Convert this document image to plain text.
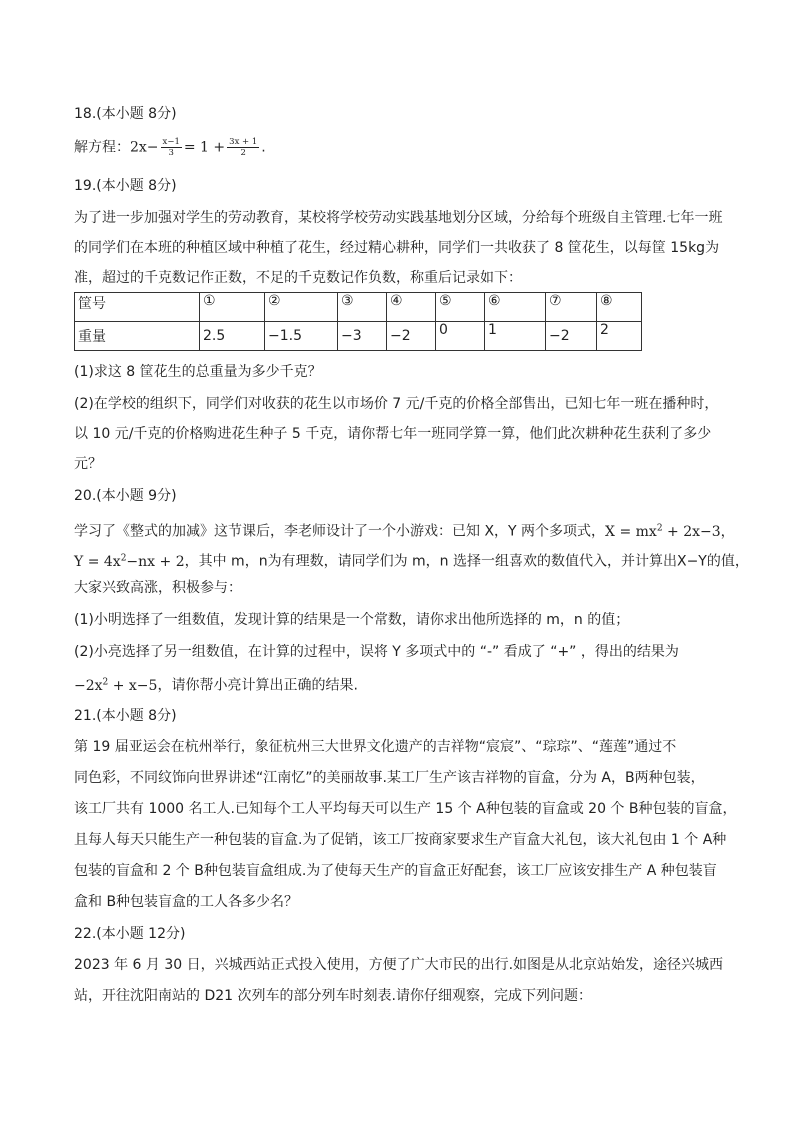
18.(本小题 8分)
解方程：$2x- \frac{x-1}{3} = 1 + \frac{3x + 1}{2}$ .
19.(本小题 8分)
为了进一步加强对学生的劳动教育，某校将学校劳动实践基地划分区域，分给每个班级自主管理.七年一班
的同学们在本班的种植区域中种植了花生，经过精心耕种，同学们一共收获了 8 筐花生，以每筐 15kg为
准，超过的千克数记作正数，不足的千克数记作负数，称重后记录如下：
筐号	①	②	③	④	⑤	⑥	⑦	⑧
重量	2.5	−1.5	−3	−2	0	1	−2	2
(1)求这 8 筐花生的总重量为多少千克？
(2)在学校的组织下，同学们对收获的花生以市场价 7 元/千克的价格全部售出，已知七年一班在播种时，
以 10 元/千克的价格购进花生种子 5 千克，请你帮七年一班同学算一算，他们此次耕种花生获利了多少
元？
20.(本小题 9分)
学习了《整式的加减》这节课后，李老师设计了一个小游戏：已知 X，Y 两个多项式，$X = mx^2 + 2x-3$，
$Y = 4x^2-nx + 2$，其中 m，n为有理数，请同学们为 m，n 选择一组喜欢的数值代入，并计算出X−Y的值，
大家兴致高涨，积极参与：
(1)小明选择了一组数值，发现计算的结果是一个常数，请你求出他所选择的 m，n 的值；
(2)小亮选择了另一组数值，在计算的过程中，误将 Y 多项式中的 “-” 看成了 “+” ，得出的结果为
$-2x^2 + x-5$，请你帮小亮计算出正确的结果.
21.(本小题 8分)
第 19 届亚运会在杭州举行，象征杭州三大世界文化遗产的吉祥物“宸宸”、“琮琮”、“莲莲”通过不
同色彩，不同纹饰向世界讲述“江南忆”的美丽故事.某工厂生产该吉祥物的盲盒，分为 A，B两种包装，
该工厂共有 1000 名工人.已知每个工人平均每天可以生产 15 个 A种包装的盲盒或 20 个 B种包装的盲盒，
且每人每天只能生产一种包装的盲盒.为了促销，该工厂按商家要求生产盲盒大礼包，该大礼包由 1 个 A种
包装的盲盒和 2 个 B种包装盲盒组成.为了使每天生产的盲盒正好配套，该工厂应该安排生产 A 种包装盲
盒和 B种包装盲盒的工人各多少名？
22.(本小题 12分)
2023 年 6 月 30 日，兴城西站正式投入使用，方便了广大市民的出行.如图是从北京站始发，途径兴城西
站，开往沈阳南站的 D21 次列车的部分列车时刻表.请你仔细观察，完成下列问题：
